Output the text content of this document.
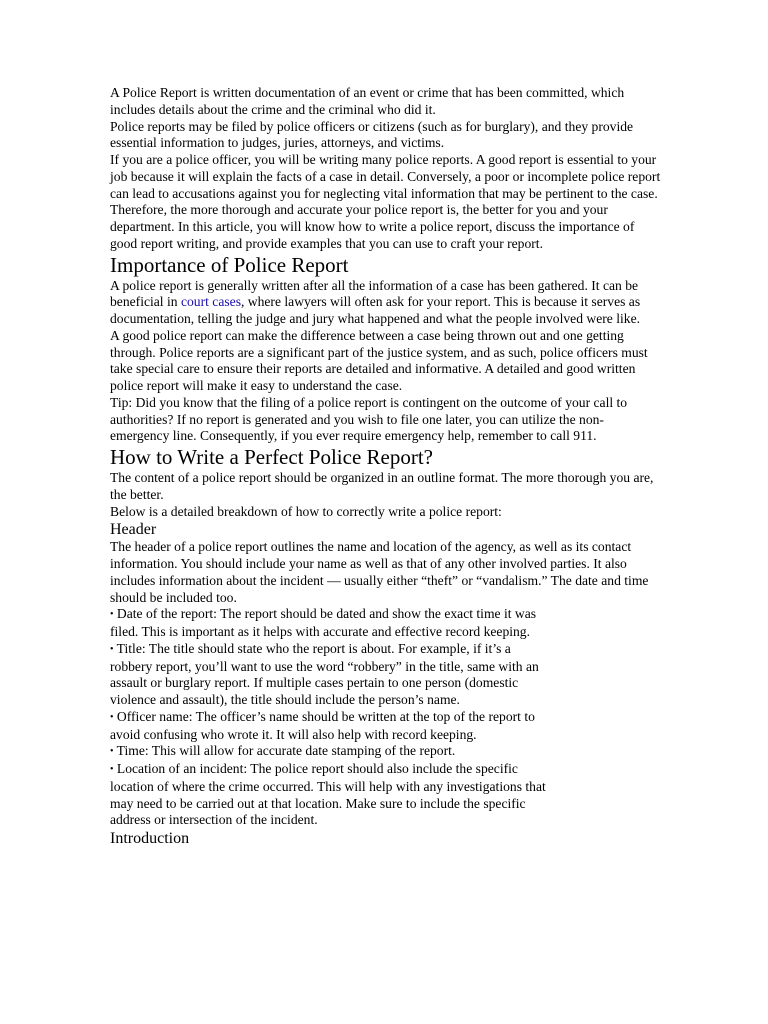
A Police Report is written documentation of an event or crime that has been committed, which includes details about the crime and the criminal who did it.

Police reports may be filed by police officers or citizens (such as for burglary), and they provide essential information to judges, juries, attorneys, and victims.

If you are a police officer, you will be writing many police reports. A good report is essential to your job because it will explain the facts of a case in detail. Conversely, a poor or incomplete police report can lead to accusations against you for neglecting vital information that may be pertinent to the case.

Therefore, the more thorough and accurate your police report is, the better for you and your department. In this article, you will know how to write a police report, discuss the importance of good report writing, and provide examples that you can use to craft your report.

Importance of Police Report

A police report is generally written after all the information of a case has been gathered. It can be beneficial in court cases, where lawyers will often ask for your report. This is because it serves as documentation, telling the judge and jury what happened and what the people involved were like.

A good police report can make the difference between a case being thrown out and one getting through. Police reports are a significant part of the justice system, and as such, police officers must take special care to ensure their reports are detailed and informative. A detailed and good written police report will make it easy to understand the case.

Tip: Did you know that the filing of a police report is contingent on the outcome of your call to authorities? If no report is generated and you wish to file one later, you can utilize the non-emergency line. Consequently, if you ever require emergency help, remember to call 911.

How to Write a Perfect Police Report?

The content of a police report should be organized in an outline format. The more thorough you are, the better.

Below is a detailed breakdown of how to correctly write a police report:

Header

The header of a police report outlines the name and location of the agency, as well as its contact information. You should include your name as well as that of any other involved parties. It also includes information about the incident — usually either “theft” or “vandalism.” The date and time should be included too.

• Date of the report: The report should be dated and show the exact time it was
filed. This is important as it helps with accurate and effective record keeping.

• Title: The title should state who the report is about. For example, if it’s a
robbery report, you’ll want to use the word “robbery” in the title, same with an
assault or burglary report. If multiple cases pertain to one person (domestic
violence and assault), the title should include the person’s name.

• Officer name: The officer’s name should be written at the top of the report to
avoid confusing who wrote it. It will also help with record keeping.

• Time: This will allow for accurate date stamping of the report.

• Location of an incident: The police report should also include the specific
location of where the crime occurred. This will help with any investigations that
may need to be carried out at that location. Make sure to include the specific
address or intersection of the incident.

Introduction
